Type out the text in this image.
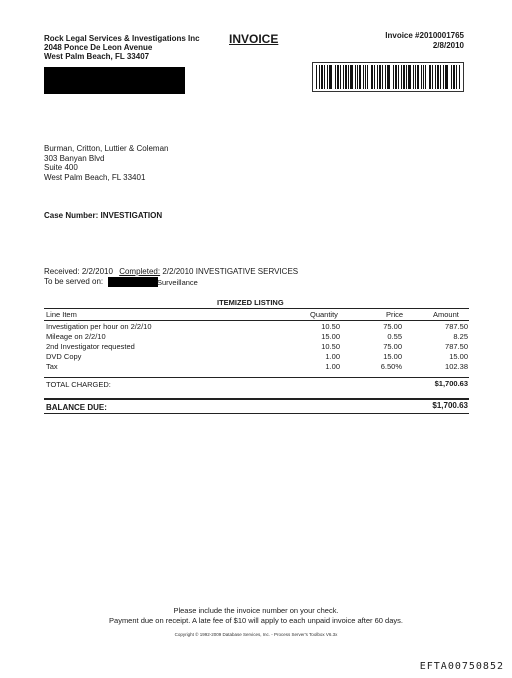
Rock Legal Services & Investigations Inc
2048 Ponce De Leon Avenue
West Palm Beach, FL 33407
INVOICE	Invoice #2010001765
2/8/2010
Burman, Critton, Luttier & Coleman
303 Banyan Blvd
Suite 400
West Palm Beach, FL 33401
Case Number: INVESTIGATION
Received: 2/2/2010 Completed: 2/2/2010 INVESTIGATIVE SERVICES
To be served on:	Surveillance
ITEMIZED LISTING
Line Item	Quantity	Price	Amount
Investigation per hour on 2/2/10	10.50	75.00	787.50
Mileage on 2/2/10	15.00	0.55	8.25
2nd Investigator requested	10.50	75.00	787.50
DVD Copy	1.00	15.00	15.00
Tax	1.00	6.50%	102.38
TOTAL CHARGED:	$1,700.63
BALANCE DUE:	$1,700.63
Please include the invoice number on your check.
Payment due on receipt. A late fee of $10 will apply to each unpaid invoice after 60 days.
Copyright © 1992-2009 Database Services, Inc. - Process Server's Toolbox V6.3x
EFTA00750852
